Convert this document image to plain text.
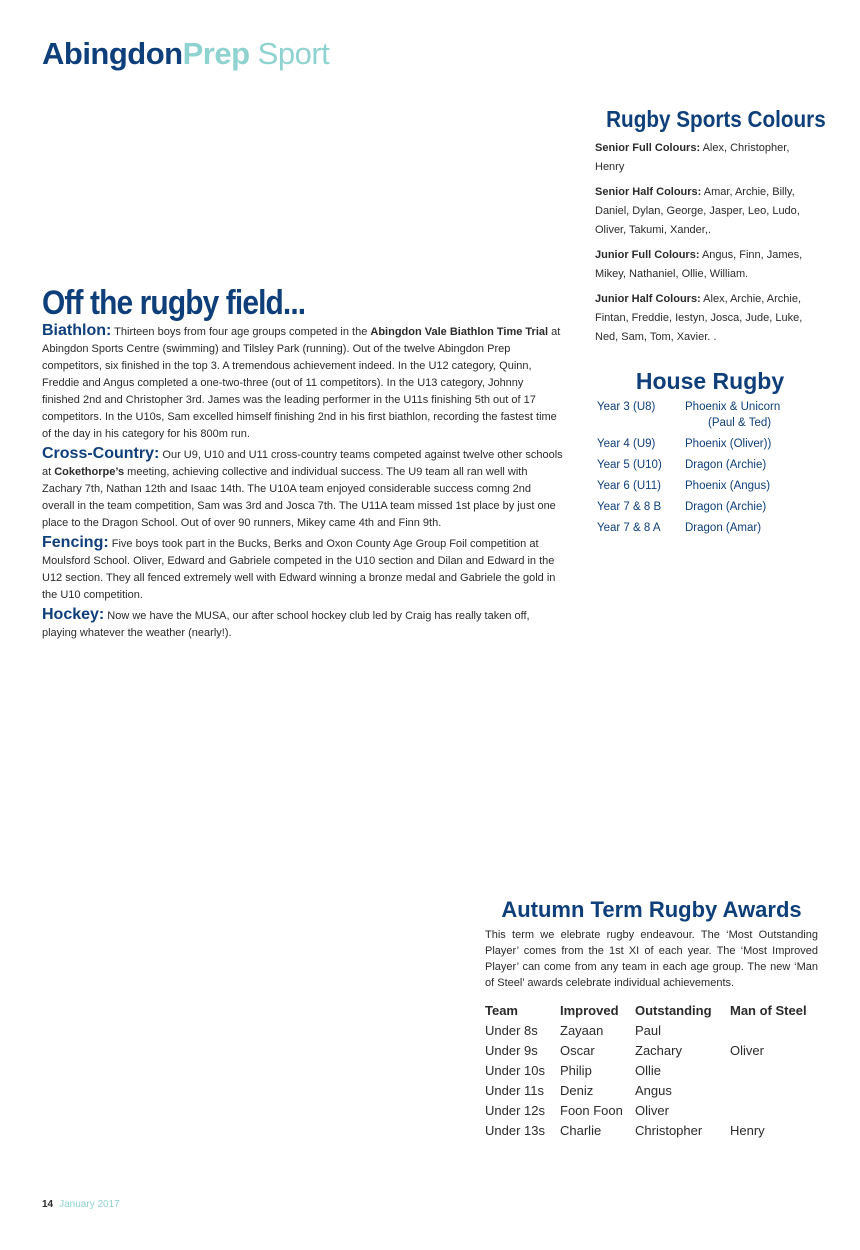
AbingdonPrep Sport
Our biathlon medalists
Hockey Club
BB&O County Foil Fencing Competition
Cross-Country at Cokethorpe
Off the rugby field...

Biathlon: Thirteen boys from four age groups competed in the Abingdon Vale Biathlon Time Trial at Abingdon Sports Centre (swimming) and Tilsley Park (running). Out of the twelve Abingdon Prep competitors, six finished in the top 3. A tremendous achievement indeed. In the U12 category, Quinn, Freddie and Angus completed a one-two-three (out of 11 competitors). In the U13 category, Johnny finished 2nd and Christopher 3rd. James was the leading performer in the U11s finishing 5th out of 17 competitors. In the U10s, Sam excelled himself finishing 2nd in his first biathlon, recording the fastest time of the day in his category for his 800m run.

Cross-Country: Our U9, U10 and U11 cross-country teams competed against twelve other schools at Cokethorpe’s meeting, achieving collective and individual success. The U9 team all ran well with Zachary 7th, Nathan 12th and Isaac 14th. The U10A team enjoyed considerable success comng 2nd overall in the team competition, Sam was 3rd and Josca 7th. The U11A team missed 1st place by just one place to the Dragon School. Out of over 90 runners, Mikey came 4th and Finn 9th.

Fencing: Five boys took part in the Bucks, Berks and Oxon County Age Group Foil competition at Moulsford School. Oliver, Edward and Gabriele competed in the U10 section and Dilan and Edward in the U12 section. They all fenced extremely well with Edward winning a bronze medal and Gabriele the gold in the U10 competition.

Hockey: Now we have the MUSA, our after school hockey club led by Craig has really taken off, playing whatever the weather (nearly!).

Rugby Sports Colours

Senior Full Colours: Alex, Christopher, Henry

Senior Half Colours: Amar, Archie, Billy, Daniel, Dylan, George, Jasper, Leo, Ludo, Oliver, Takumi, Xander,.

Junior Full Colours: Angus, Finn, James, Mikey, Nathaniel, Ollie, William.

Junior Half Colours: Alex, Archie, Archie, Fintan, Freddie, Iestyn, Josca, Jude, Luke, Ned, Sam, Tom, Xavier. .

House Rugby
Year 3 (U8)	Phoenix & Unicorn
(Paul & Ted)
Year 4 (U9)	Phoenix (Oliver))
Year 5 (U10)	Dragon (Archie)
Year 6 (U11)	Phoenix (Angus)
Year 7 & 8 B	Dragon (Archie)
Year 7 & 8 A	Dragon (Amar)
Autumn Term Rugby Awards

This term we elebrate rugby endeavour. The ‘Most Outstanding Player’ comes from the 1st XI of each year. The ‘Most Improved Player’ can come from any team in each age group. The new ‘Man of Steel’ awards celebrate individual achievements.

Team	Improved	Outstanding	Man of Steel
Under 8s	Zayaan	Paul	
Under 9s	Oscar	Zachary	Oliver
Under 10s	Philip	Ollie	
Under 11s	Deniz	Angus	
Under 12s	Foon Foon	Oliver	
Under 13s	Charlie	Christopher	Henry
14 January 2017
